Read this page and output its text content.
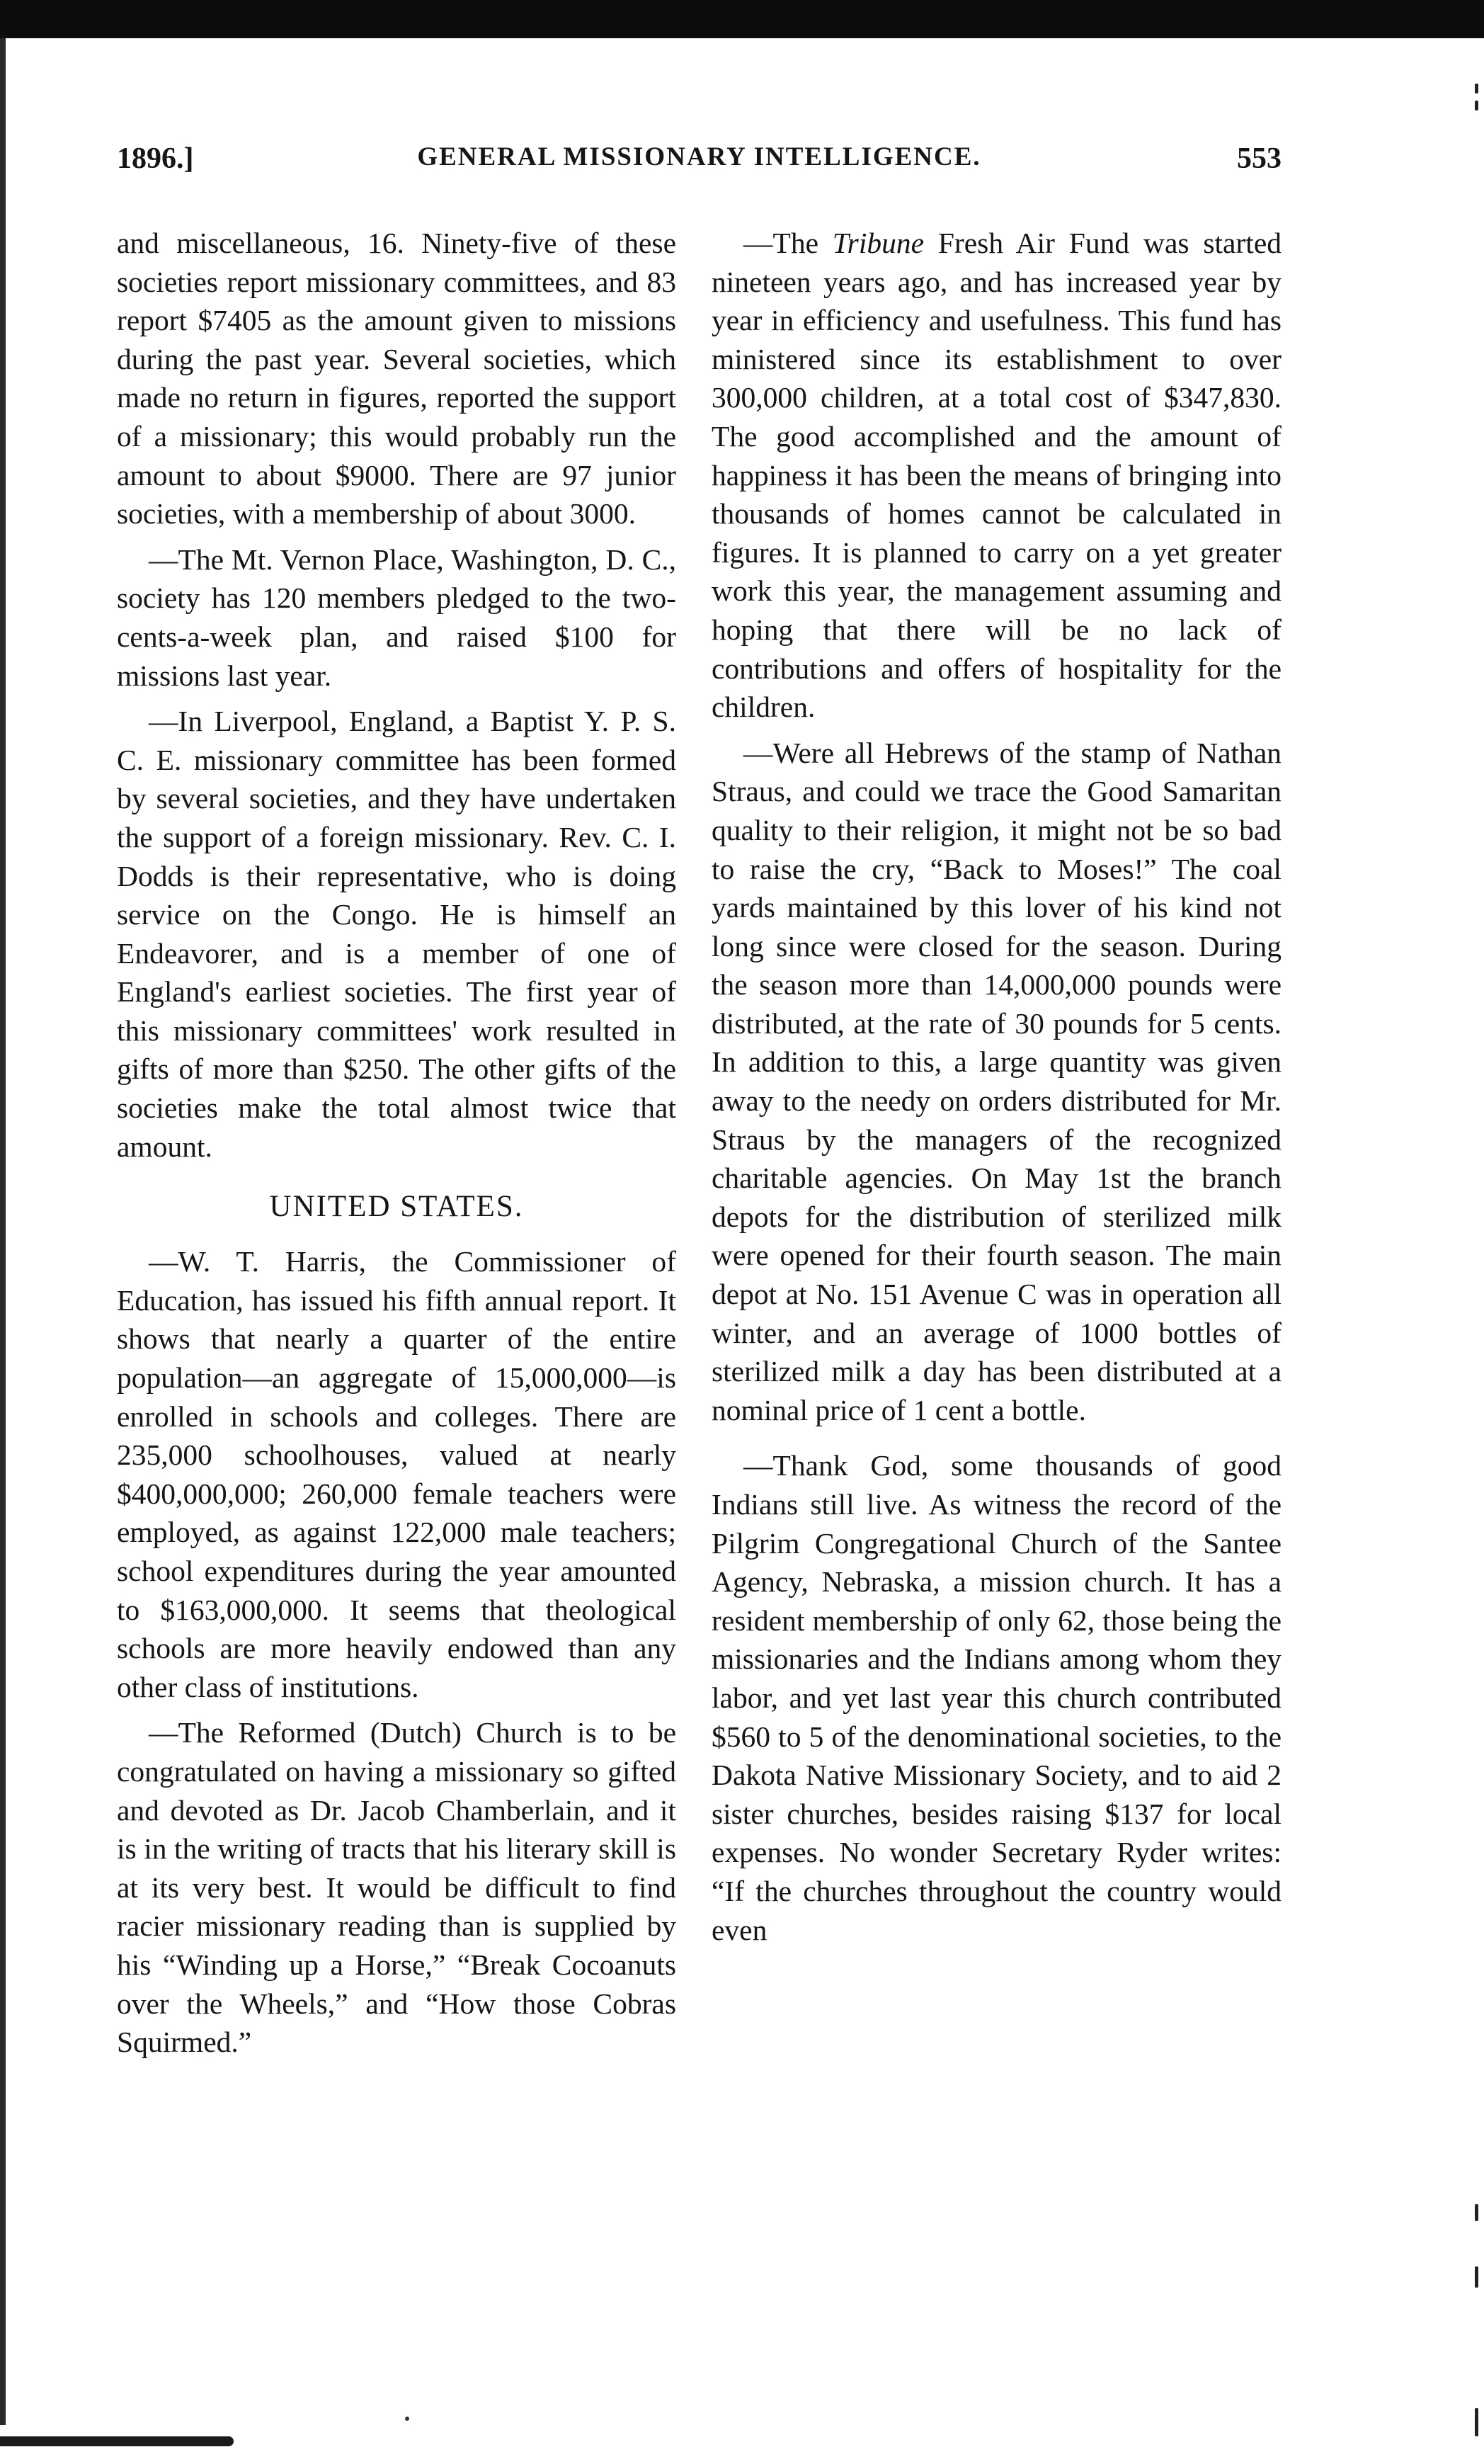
1896.]	GENERAL MISSIONARY INTELLIGENCE.	553

and miscellaneous, 16. Ninety-five of these societies report missionary committees, and 83 report $7405 as the amount given to missions during the past year. Several societies, which made no return in figures, reported the support of a missionary; this would probably run the amount to about $9000. There are 97 junior societies, with a membership of about 3000.

—The Mt. Vernon Place, Washington, D. C., society has 120 members pledged to the two-cents-a-week plan, and raised $100 for missions last year.

—In Liverpool, England, a Baptist Y. P. S. C. E. missionary committee has been formed by several societies, and they have undertaken the support of a foreign missionary. Rev. C. I. Dodds is their representative, who is doing service on the Congo. He is himself an Endeavorer, and is a member of one of England's earliest societies. The first year of this missionary committees' work resulted in gifts of more than $250. The other gifts of the societies make the total almost twice that amount.

UNITED STATES.

—W. T. Harris, the Commissioner of Education, has issued his fifth annual report. It shows that nearly a quarter of the entire population—an aggregate of 15,000,000—is enrolled in schools and colleges. There are 235,000 schoolhouses, valued at nearly $400,000,000; 260,000 female teachers were employed, as against 122,000 male teachers; school expenditures during the year amounted to $163,000,000. It seems that theological schools are more heavily endowed than any other class of institutions.

—The Reformed (Dutch) Church is to be congratulated on having a missionary so gifted and devoted as Dr. Jacob Chamberlain, and it is in the writing of tracts that his literary skill is at its very best. It would be difficult to find racier missionary reading than is supplied by his “Winding up a Horse,” “Break Cocoanuts over the Wheels,” and “How those Cobras Squirmed.”

—The Tribune Fresh Air Fund was started nineteen years ago, and has increased year by year in efficiency and usefulness. This fund has ministered since its establishment to over 300,000 children, at a total cost of $347,830. The good accomplished and the amount of happiness it has been the means of bringing into thousands of homes cannot be calculated in figures. It is planned to carry on a yet greater work this year, the management assuming and hoping that there will be no lack of contributions and offers of hospitality for the children.

—Were all Hebrews of the stamp of Nathan Straus, and could we trace the Good Samaritan quality to their religion, it might not be so bad to raise the cry, “Back to Moses!” The coal yards maintained by this lover of his kind not long since were closed for the season. During the season more than 14,000,000 pounds were distributed, at the rate of 30 pounds for 5 cents. In addition to this, a large quantity was given away to the needy on orders distributed for Mr. Straus by the managers of the recognized charitable agencies. On May 1st the branch depots for the distribution of sterilized milk were opened for their fourth season. The main depot at No. 151 Avenue C was in operation all winter, and an average of 1000 bottles of sterilized milk a day has been distributed at a nominal price of 1 cent a bottle.

—Thank God, some thousands of good Indians still live. As witness the record of the Pilgrim Congregational Church of the Santee Agency, Nebraska, a mission church. It has a resident membership of only 62, those being the missionaries and the Indians among whom they labor, and yet last year this church contributed $560 to 5 of the denominational societies, to the Dakota Native Missionary Society, and to aid 2 sister churches, besides raising $137 for local expenses. No wonder Secretary Ryder writes: “If the churches throughout the country would even
